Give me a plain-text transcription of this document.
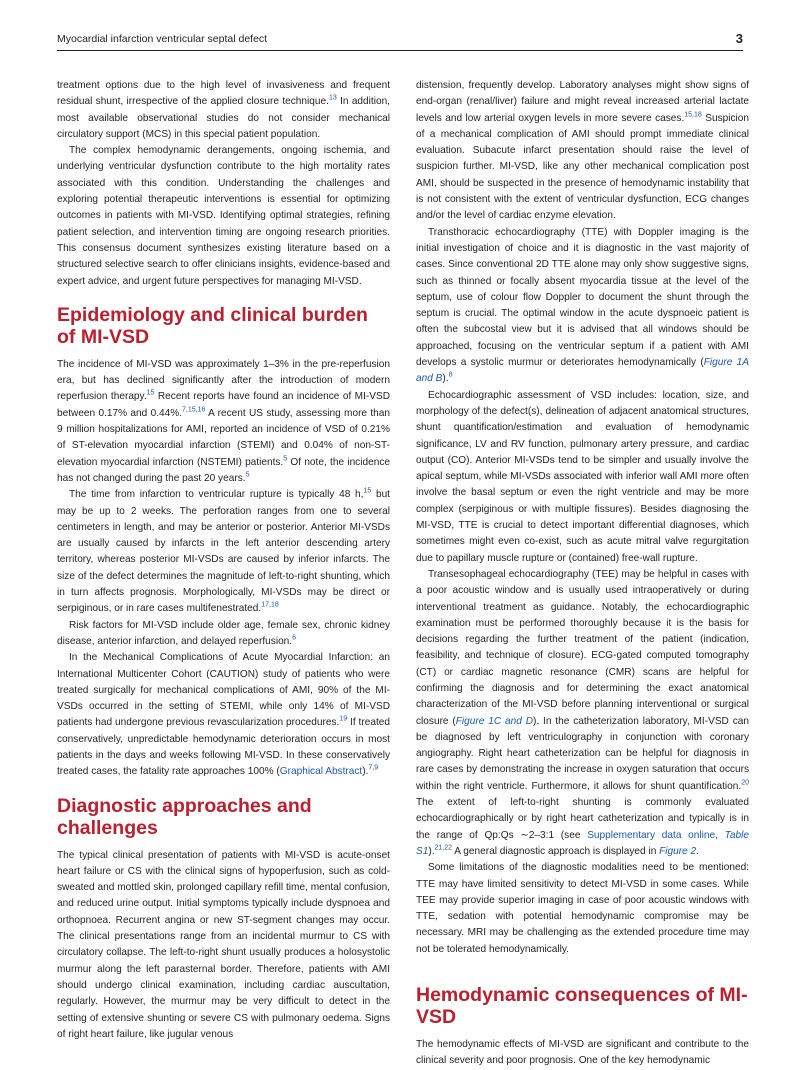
Myocardial infarction ventricular septal defect	3

treatment options due to the high level of invasiveness and frequent residual shunt, irrespective of the applied closure technique.$^{13}$ In addition, most available observational studies do not consider mechanical circulatory support (MCS) in this special patient population.

The complex hemodynamic derangements, ongoing ischemia, and underlying ventricular dysfunction contribute to the high mortality rates associated with this condition. Understanding the challenges and exploring potential therapeutic interventions is essential for optimizing outcomes in patients with MI-VSD. Identifying optimal strategies, refining patient selection, and intervention timing are ongoing research priorities. This consensus document synthesizes existing literature based on a structured selective search to offer clinicians insights, evidence-based and expert advice, and urgent future perspectives for managing MI-VSD.

Epidemiology and clinical burden of MI-VSD

The incidence of MI-VSD was approximately 1–3% in the pre-reperfusion era, but has declined significantly after the introduction of modern reperfusion therapy.$^{15}$ Recent reports have found an incidence of MI-VSD between 0.17% and 0.44%.$^{7,15,16}$ A recent US study, assessing more than 9 million hospitalizations for AMI, reported an incidence of VSD of 0.21% of ST-elevation myocardial infarction (STEMI) and 0.04% of non-ST-elevation myocardial infarction (NSTEMI) patients.$^5$ Of note, the incidence has not changed during the past 20 years.$^5$

The time from infarction to ventricular rupture is typically 48 h,$^{15}$ but may be up to 2 weeks. The perforation ranges from one to several centimeters in length, and may be anterior or posterior. Anterior MI-VSDs are usually caused by infarcts in the left anterior descending artery territory, whereas posterior MI-VSDs are caused by inferior infarcts. The size of the defect determines the magnitude of left-to-right shunting, which in turn affects prognosis. Morphologically, MI-VSDs may be direct or serpiginous, or in rare cases multifenestrated.$^{17,18}$

Risk factors for MI-VSD include older age, female sex, chronic kidney disease, anterior infarction, and delayed reperfusion.$^6$

In the Mechanical Complications of Acute Myocardial Infarction: an International Multicenter Cohort (CAUTION) study of patients who were treated surgically for mechanical complications of AMI, 90% of the MI-VSDs occurred in the setting of STEMI, while only 14% of MI-VSD patients had undergone previous revascularization procedures.$^{19}$ If treated conservatively, unpredictable hemodynamic deterioration occurs in most patients in the days and weeks following MI-VSD. In these conservatively treated cases, the fatality rate approaches 100% (Graphical Abstract).$^{7,9}$

Diagnostic approaches and challenges

The typical clinical presentation of patients with MI-VSD is acute-onset heart failure or CS with the clinical signs of hypoperfusion, such as cold-sweated and mottled skin, prolonged capillary refill time, mental confusion, and reduced urine output. Initial symptoms typically include dyspnoea and orthopnoea. Recurrent angina or new ST-segment changes may occur. The clinical presentations range from an incidental murmur to CS with circulatory collapse. The left-to-right shunt usually produces a holosystolic murmur along the left parasternal border. Therefore, patients with AMI should undergo clinical examination, including cardiac auscultation, regularly. However, the murmur may be very difficult to detect in the setting of extensive shunting or severe CS with pulmonary oedema. Signs of right heart failure, like jugular venous

distension, frequently develop. Laboratory analyses might show signs of end-organ (renal/liver) failure and might reveal increased arterial lactate levels and low arterial oxygen levels in more severe cases.$^{15,18}$ Suspicion of a mechanical complication of AMI should prompt immediate clinical evaluation. Subacute infarct presentation should raise the level of suspicion further. MI-VSD, like any other mechanical complication post AMI, should be suspected in the presence of hemodynamic instability that is not consistent with the extent of ventricular dysfunction, ECG changes and/or the level of cardiac enzyme elevation.

Transthoracic echocardiography (TTE) with Doppler imaging is the initial investigation of choice and it is diagnostic in the vast majority of cases. Since conventional 2D TTE alone may only show suggestive signs, such as thinned or focally absent myocardia tissue at the level of the septum, use of colour flow Doppler to document the shunt through the septum is crucial. The optimal window in the acute dyspnoeic patient is often the subcostal view but it is advised that all windows should be approached, focusing on the ventricular septum if a patient with AMI develops a systolic murmur or deteriorates hemodynamically (Figure 1A and B).$^8$

Echocardiographic assessment of VSD includes: location, size, and morphology of the defect(s), delineation of adjacent anatomical structures, shunt quantification/estimation and evaluation of hemodynamic significance, LV and RV function, pulmonary artery pressure, and cardiac output (CO). Anterior MI-VSDs tend to be simpler and usually involve the apical septum, while MI-VSDs associated with inferior wall AMI more often involve the basal septum or even the right ventricle and may be more complex (serpiginous or with multiple fissures). Besides diagnosing the MI-VSD, TTE is crucial to detect important differential diagnoses, which sometimes might even co-exist, such as acute mitral valve regurgitation due to papillary muscle rupture or (contained) free-wall rupture.

Transesophageal echocardiography (TEE) may be helpful in cases with a poor acoustic window and is usually used intraoperatively or during interventional treatment as guidance. Notably, the echocardiographic examination must be performed thoroughly because it is the basis for decisions regarding the further treatment of the patient (indication, feasibility, and technique of closure). ECG-gated computed tomography (CT) or cardiac magnetic resonance (CMR) scans are helpful for confirming the diagnosis and for determining the exact anatomical characterization of the MI-VSD before planning interventional or surgical closure (Figure 1C and D). In the catheterization laboratory, MI-VSD can be diagnosed by left ventriculography in conjunction with coronary angiography. Right heart catheterization can be helpful for diagnosis in rare cases by demonstrating the increase in oxygen saturation that occurs within the right ventricle. Furthermore, it allows for shunt quantification.$^{20}$ The extent of left-to-right shunting is commonly evaluated echocardiographically or by right heart catheterization and typically is in the range of Qp:Qs ∼2–3:1 (see Supplementary data online, Table S1).$^{21,22}$ A general diagnostic approach is displayed in Figure 2.

Some limitations of the diagnostic modalities need to be mentioned: TTE may have limited sensitivity to detect MI-VSD in some cases. While TEE may provide superior imaging in case of poor acoustic windows with TTE, sedation with potential hemodynamic compromise may be necessary. MRI may be challenging as the extended procedure time may not be tolerated hemodynamically.

Hemodynamic consequences of MI-VSD

The hemodynamic effects of MI-VSD are significant and contribute to the clinical severity and poor prognosis. One of the key hemodynamic
